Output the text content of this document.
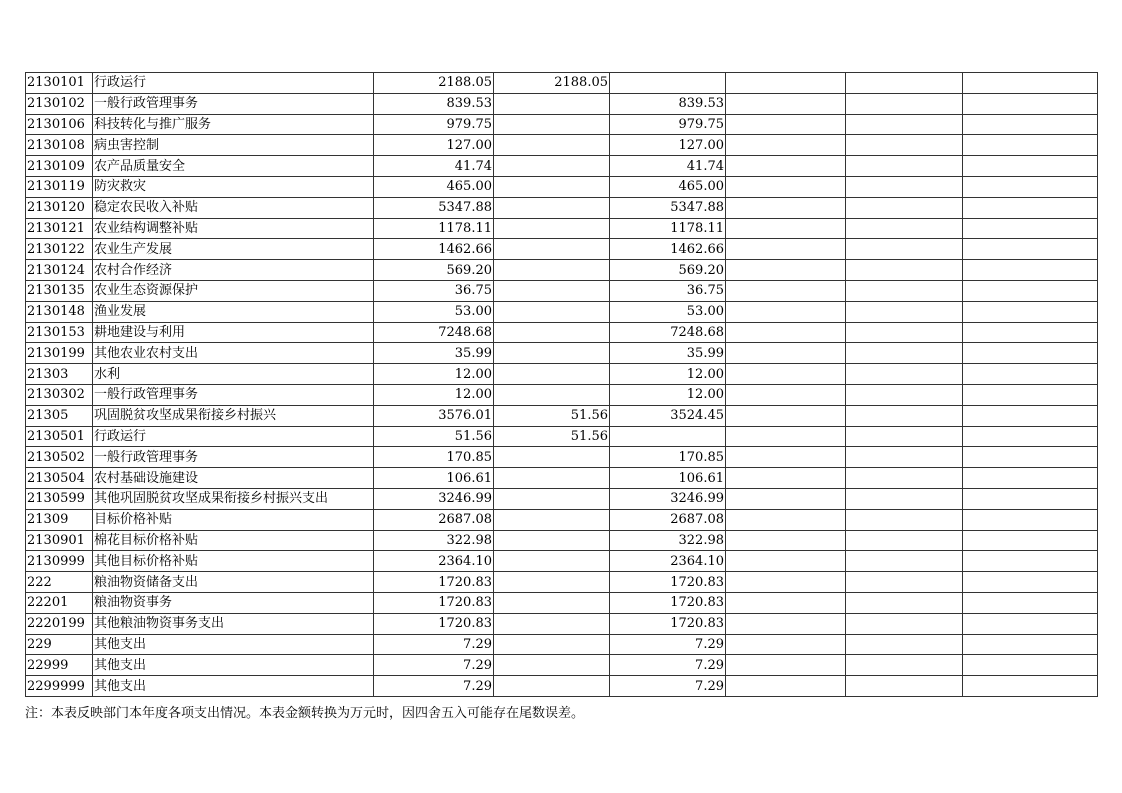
2130101	行政运行	2188.05	2188.05				
2130102	一般行政管理事务	839.53		839.53			
2130106	科技转化与推广服务	979.75		979.75			
2130108	病虫害控制	127.00		127.00			
2130109	农产品质量安全	41.74		41.74			
2130119	防灾救灾	465.00		465.00			
2130120	稳定农民收入补贴	5347.88		5347.88			
2130121	农业结构调整补贴	1178.11		1178.11			
2130122	农业生产发展	1462.66		1462.66			
2130124	农村合作经济	569.20		569.20			
2130135	农业生态资源保护	36.75		36.75			
2130148	渔业发展	53.00		53.00			
2130153	耕地建设与利用	7248.68		7248.68			
2130199	其他农业农村支出	35.99		35.99			
21303	水利	12.00		12.00			
2130302	一般行政管理事务	12.00		12.00			
21305	巩固脱贫攻坚成果衔接乡村振兴	3576.01	51.56	3524.45			
2130501	行政运行	51.56	51.56				
2130502	一般行政管理事务	170.85		170.85			
2130504	农村基础设施建设	106.61		106.61			
2130599	其他巩固脱贫攻坚成果衔接乡村振兴支出	3246.99		3246.99			
21309	目标价格补贴	2687.08		2687.08			
2130901	棉花目标价格补贴	322.98		322.98			
2130999	其他目标价格补贴	2364.10		2364.10			
222	粮油物资储备支出	1720.83		1720.83			
22201	粮油物资事务	1720.83		1720.83			
2220199	其他粮油物资事务支出	1720.83		1720.83			
229	其他支出	7.29		7.29			
22999	其他支出	7.29		7.29			
2299999	其他支出	7.29		7.29			
注：本表反映部门本年度各项支出情况。本表金额转换为万元时，因四舍五入可能存在尾数误差。
